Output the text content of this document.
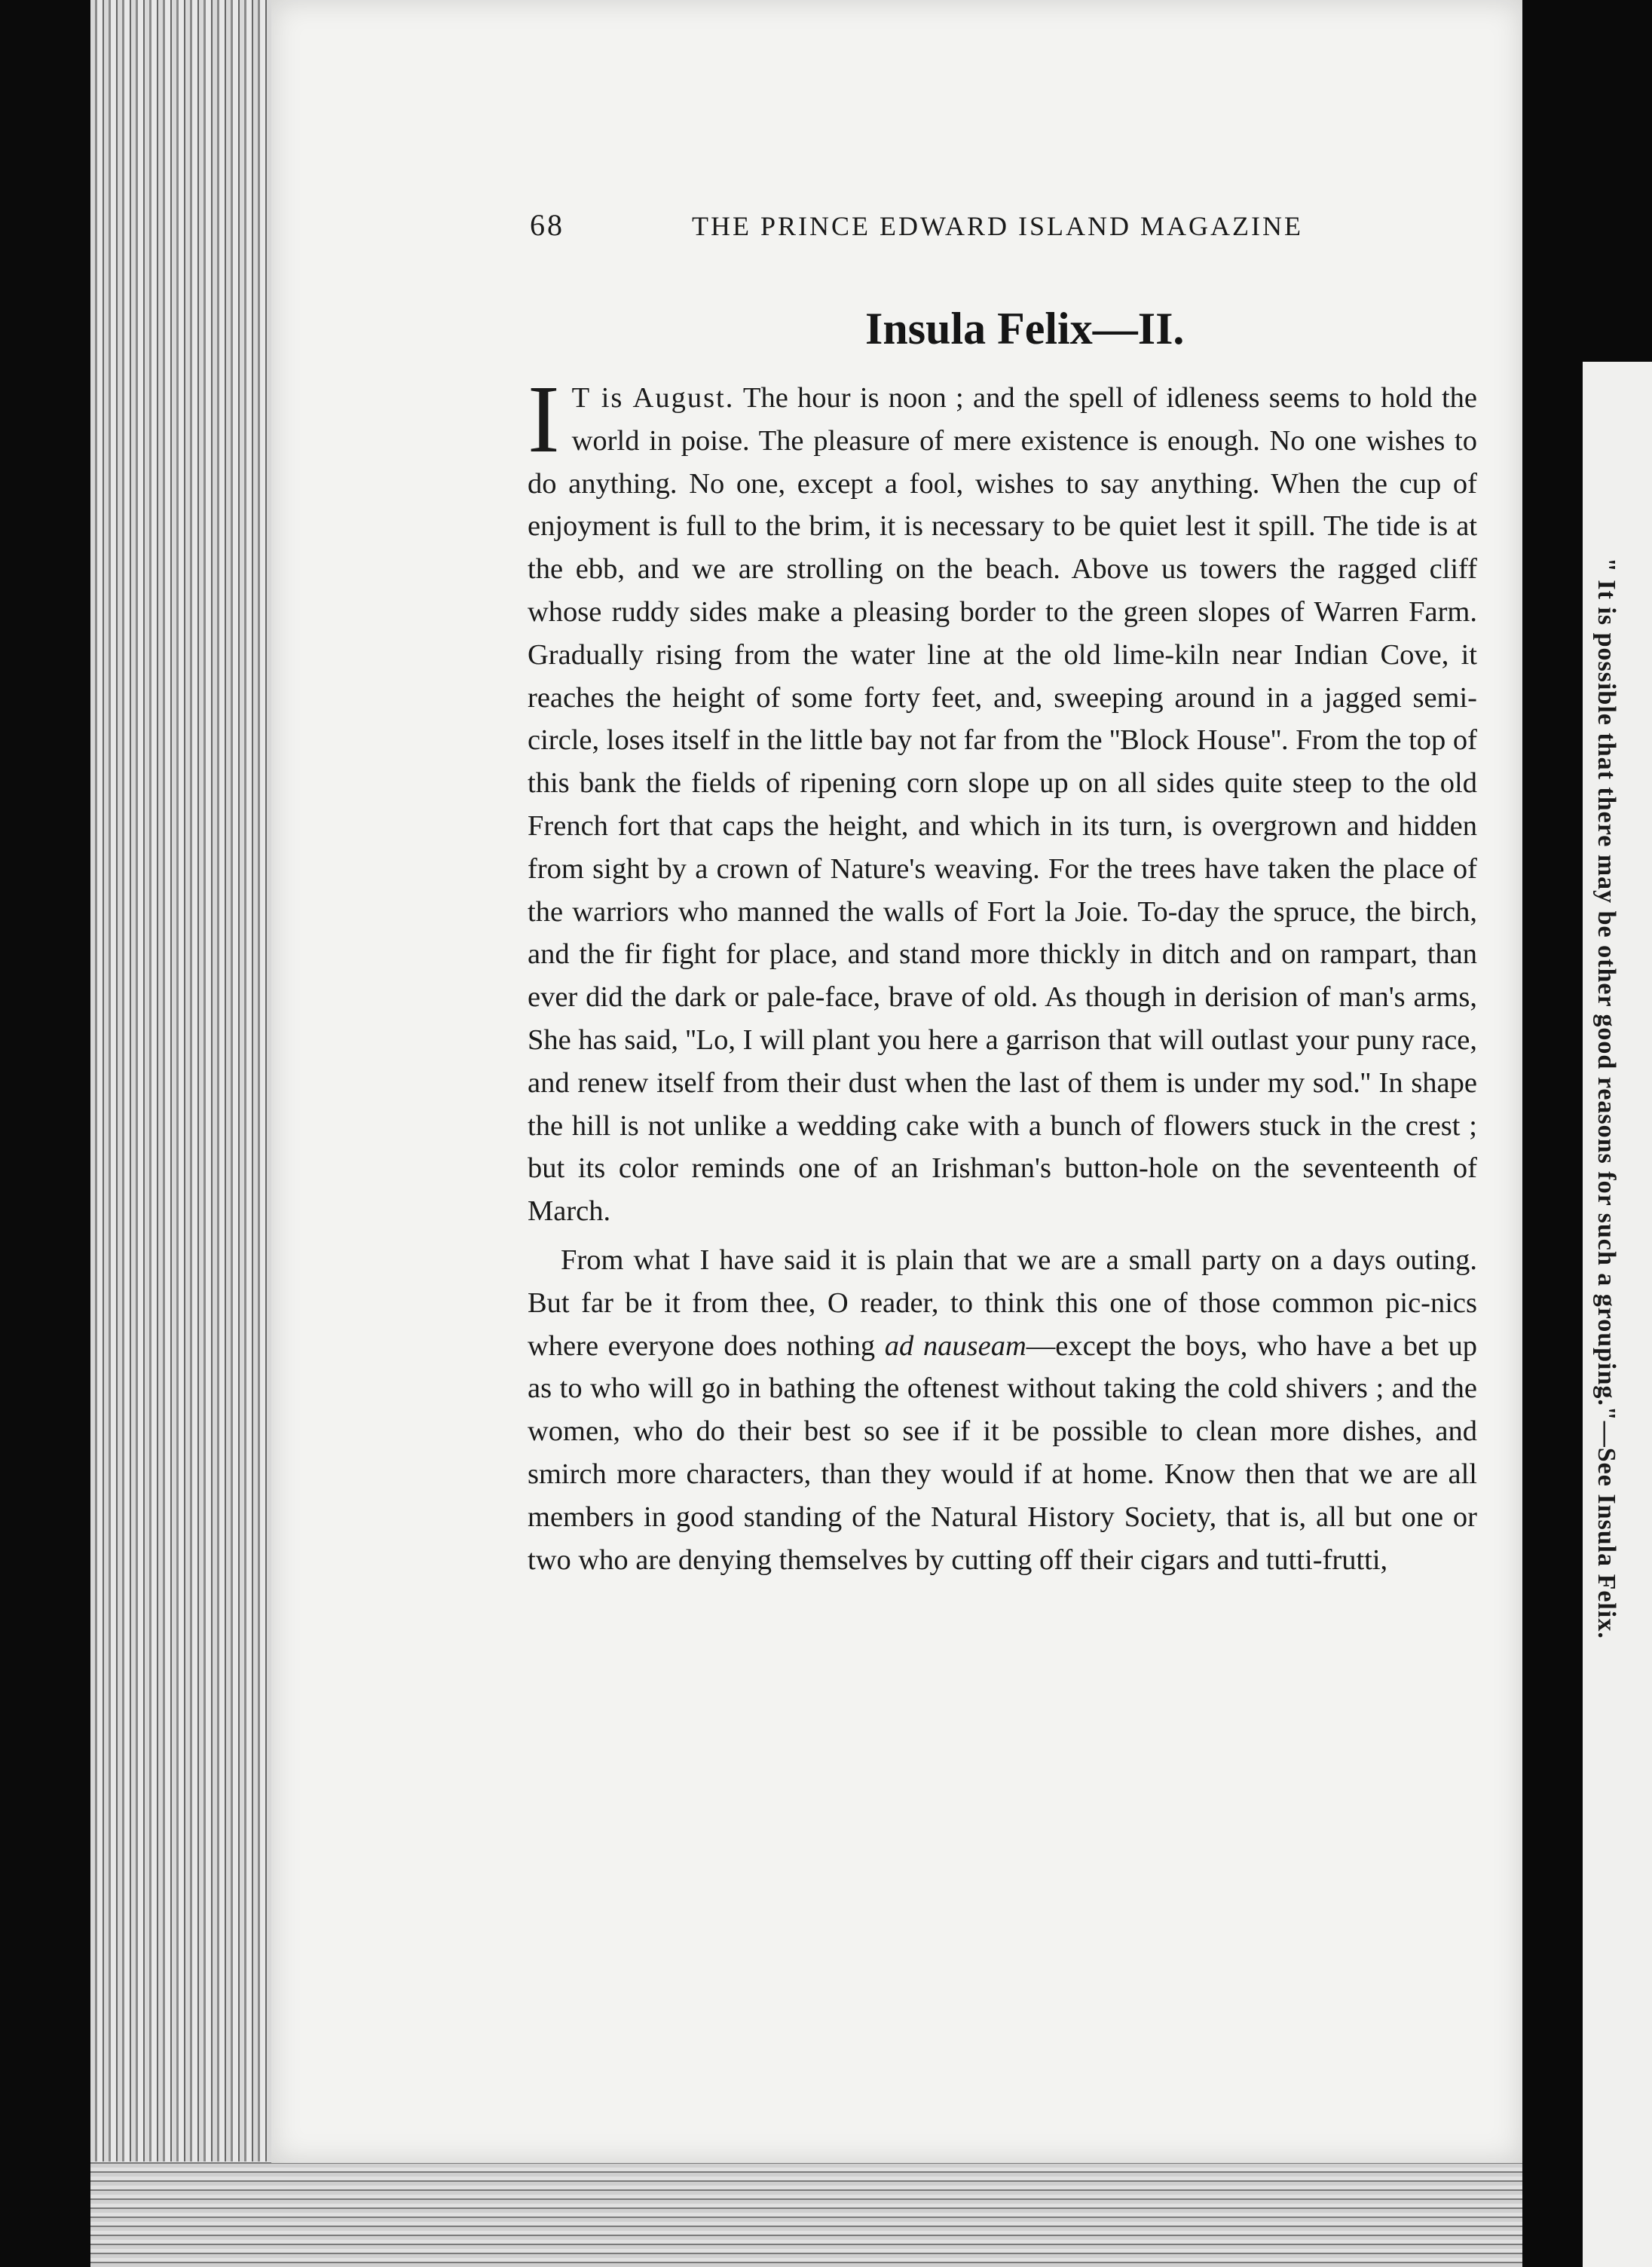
" It is possible that there may be other good reasons for such a grouping."—See Insula Felix.
68	THE PRINCE EDWARD ISLAND MAGAZINE
Insula Felix—II.

I T is August. The hour is noon ; and the spell of idleness seems to hold the world in poise. The pleasure of mere existence is enough. No one wishes to do anything. No one, except a fool, wishes to say anything. When the cup of enjoyment is full to the brim, it is necessary to be quiet lest it spill. The tide is at the ebb, and we are strolling on the beach. Above us towers the ragged cliff whose ruddy sides make a pleasing border to the green slopes of Warren Farm. Gradually rising from the water line at the old lime-kiln near Indian Cove, it reaches the height of some forty feet, and, sweeping around in a jagged semi-circle, loses itself in the little bay not far from the ''Block House''. From the top of this bank the fields of ripening corn slope up on all sides quite steep to the old French fort that caps the height, and which in its turn, is overgrown and hidden from sight by a crown of Nature's weaving. For the trees have taken the place of the warriors who manned the walls of Fort la Joie. To-day the spruce, the birch, and the fir fight for place, and stand more thickly in ditch and on rampart, than ever did the dark or pale-face, brave of old. As though in derision of man's arms, She has said, ''Lo, I will plant you here a garrison that will outlast your puny race, and renew itself from their dust when the last of them is under my sod.'' In shape the hill is not unlike a wedding cake with a bunch of flowers stuck in the crest ; but its color reminds one of an Irishman's button-hole on the seventeenth of March.

From what I have said it is plain that we are a small party on a days outing. But far be it from thee, O reader, to think this one of those common pic-nics where everyone does nothing ad nauseam—except the boys, who have a bet up as to who will go in bathing the oftenest without taking the cold shivers ; and the women, who do their best so see if it be possible to clean more dishes, and smirch more characters, than they would if at home. Know then that we are all members in good standing of the Natural History Society, that is, all but one or two who are denying themselves by cutting off their cigars and tutti-frutti,
